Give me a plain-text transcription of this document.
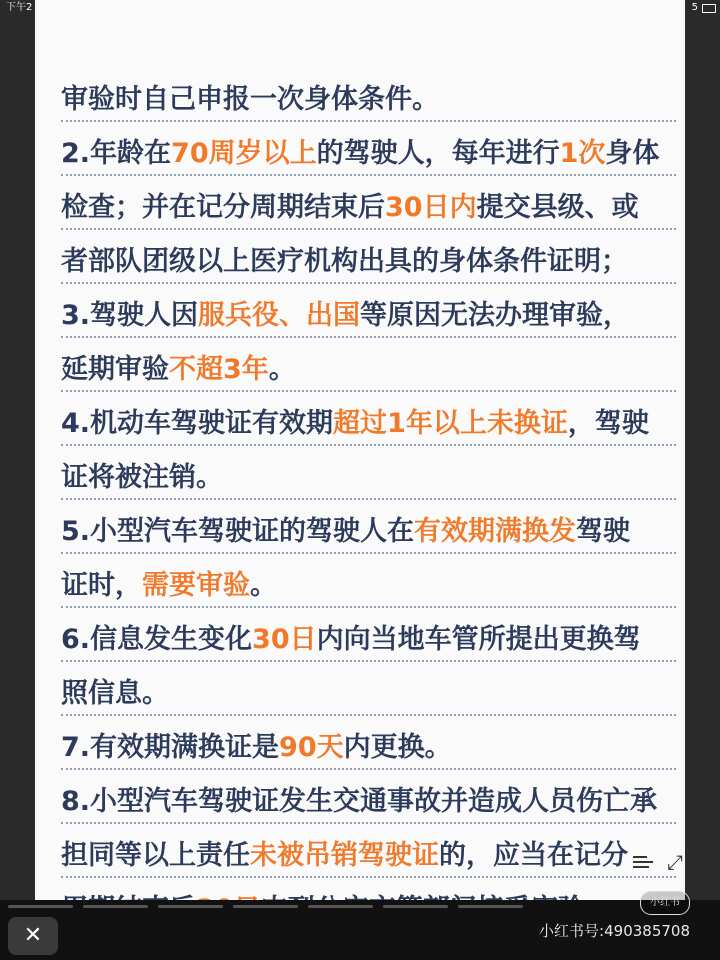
下午2	5
审验时自己申报一次身体条件。
2.年龄在70周岁以上的驾驶人，每年进行1次身体
检查；并在记分周期结束后30日内提交县级、或
者部队团级以上医疗机构出具的身体条件证明；
3.驾驶人因服兵役、出国等原因无法办理审验，
延期审验不超3年。
4.机动车驾驶证有效期超过1年以上未换证，驾驶
证将被注销。
5.小型汽车驾驶证的驾驶人在有效期满换发驾驶
证时，需要审验。
6.信息发生变化30日内向当地车管所提出更换驾
照信息。
7.有效期满换证是90天内更换。
8.小型汽车驾驶证发生交通事故并造成人员伤亡承
担同等以上责任未被吊销驾驶证的，应当在记分 ⤢
✕
小红书
小红书号:490385708
